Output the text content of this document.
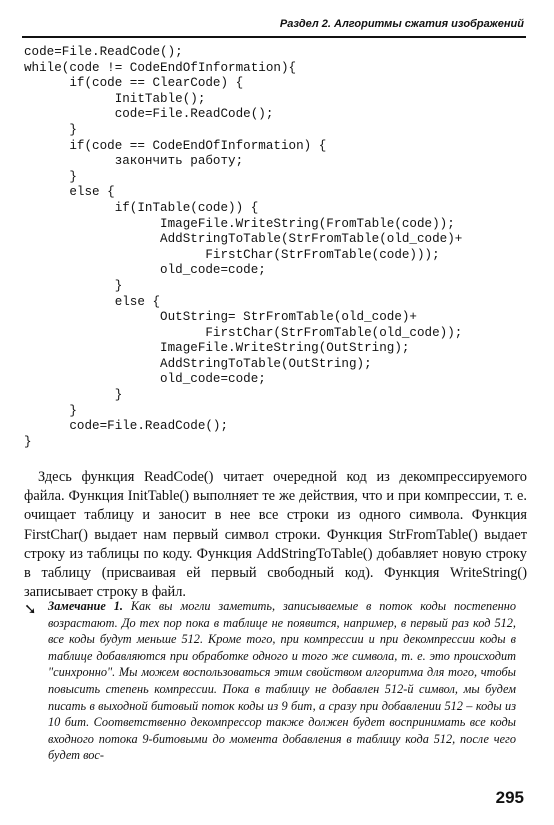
Раздел 2. Алгоритмы сжатия изображений
code=File.ReadCode();
while(code != CodeEndOfInformation){
if(code == ClearCode) {
InitTable();
code=File.ReadCode();
}
if(code == CodeEndOfInformation) {
закончить работу;
}
else {
if(InTable(code)) {
ImageFile.WriteString(FromTable(code));
AddStringToTable(StrFromTable(old_code)+
FirstChar(StrFromTable(code)));
old_code=code;
}
else {
OutString= StrFromTable(old_code)+
FirstChar(StrFromTable(old_code));
ImageFile.WriteString(OutString);
AddStringToTable(OutString);
old_code=code;
}
}
code=File.ReadCode();
}

Здесь функция ReadCode() читает очередной код из декомпрессируемого файла. Функция InitTable() выполняет те же действия, что и при компрессии, т. е. очищает таблицу и заносит в нее все строки из одного символа. Функция FirstChar() выдает нам первый символ строки. Функция StrFromTable() выдает строку из таблицы по коду. Функция AddStringToTable() добавляет новую строку в таблицу (присваивая ей первый свободный код). Функция WriteString() записывает строку в файл.

➘ Замечание 1. Как вы могли заметить, записываемые в поток коды постепенно возрастают. До тех пор пока в таблице не появится, например, в первый раз код 512, все коды будут меньше 512. Кроме того, при компрессии и при декомпрессии коды в таблице добавляются при обработке одного и того же символа, т. е. это происходит "синхронно". Мы можем воспользоваться этим свойством алгоритма для того, чтобы повысить степень компрессии. Пока в таблицу не добавлен 512-й символ, мы будем писать в выходной битовый поток коды из 9 бит, а сразу при добавлении 512 – коды из 10 бит. Соответственно декомпрессор также должен будет воспринимать все коды входного потока 9-битовыми до момента добавления в таблицу кода 512, после чего будет вос-

295
